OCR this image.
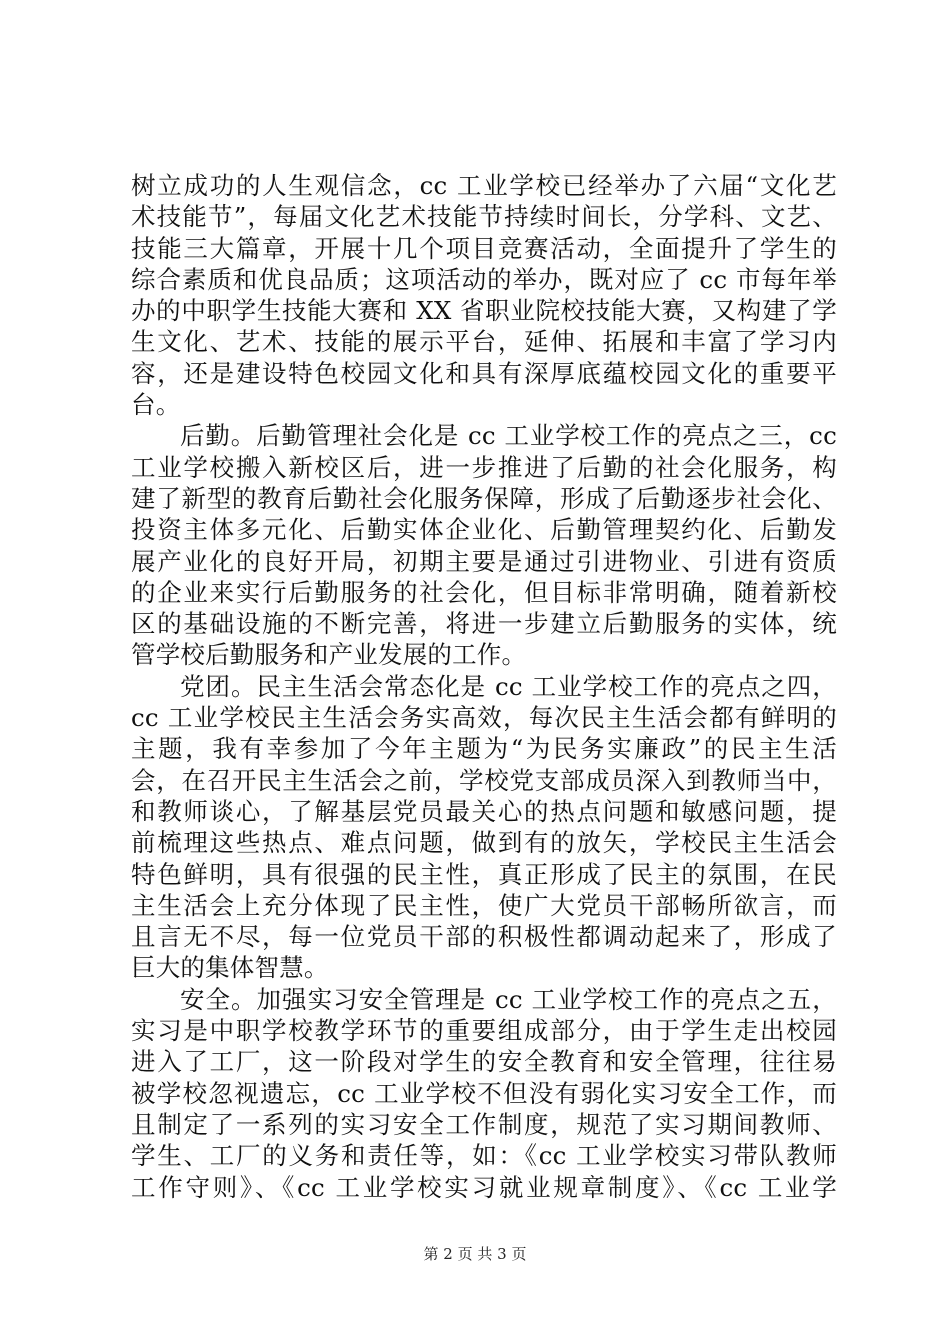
树立成功的人生观信念，cc 工业学校已经举办了六届“文化艺
术技能节”，每届文化艺术技能节持续时间长，分学科、文艺、
技能三大篇章，开展十几个项目竞赛活动，全面提升了学生的
综合素质和优良品质；这项活动的举办，既对应了 cc 市每年举
办的中职学生技能大赛和 XX 省职业院校技能大赛，又构建了学
生文化、艺术、技能的展示平台，延伸、拓展和丰富了学习内
容，还是建设特色校园文化和具有深厚底蕴校园文化的重要平
台。
后勤。后勤管理社会化是 cc 工业学校工作的亮点之三，cc
工业学校搬入新校区后，进一步推进了后勤的社会化服务，构
建了新型的教育后勤社会化服务保障，形成了后勤逐步社会化、
投资主体多元化、后勤实体企业化、后勤管理契约化、后勤发
展产业化的良好开局，初期主要是通过引进物业、引进有资质
的企业来实行后勤服务的社会化，但目标非常明确，随着新校
区的基础设施的不断完善，将进一步建立后勤服务的实体，统
管学校后勤服务和产业发展的工作。
党团。民主生活会常态化是 cc 工业学校工作的亮点之四，
cc 工业学校民主生活会务实高效，每次民主生活会都有鲜明的
主题，我有幸参加了今年主题为“为民务实廉政”的民主生活
会，在召开民主生活会之前，学校党支部成员深入到教师当中，
和教师谈心，了解基层党员最关心的热点问题和敏感问题，提
前梳理这些热点、难点问题，做到有的放矢，学校民主生活会
特色鲜明，具有很强的民主性，真正形成了民主的氛围，在民
主生活会上充分体现了民主性，使广大党员干部畅所欲言，而
且言无不尽，每一位党员干部的积极性都调动起来了，形成了
巨大的集体智慧。
安全。加强实习安全管理是 cc 工业学校工作的亮点之五，
实习是中职学校教学环节的重要组成部分，由于学生走出校园
进入了工厂，这一阶段对学生的安全教育和安全管理，往往易
被学校忽视遗忘，cc 工业学校不但没有弱化实习安全工作，而
且制定了一系列的实习安全工作制度，规范了实习期间教师、
学生、工厂的义务和责任等，如：《cc 工业学校实习带队教师
工作守则》、《cc 工业学校实习就业规章制度》、《cc 工业学
第 2 页 共 3 页
